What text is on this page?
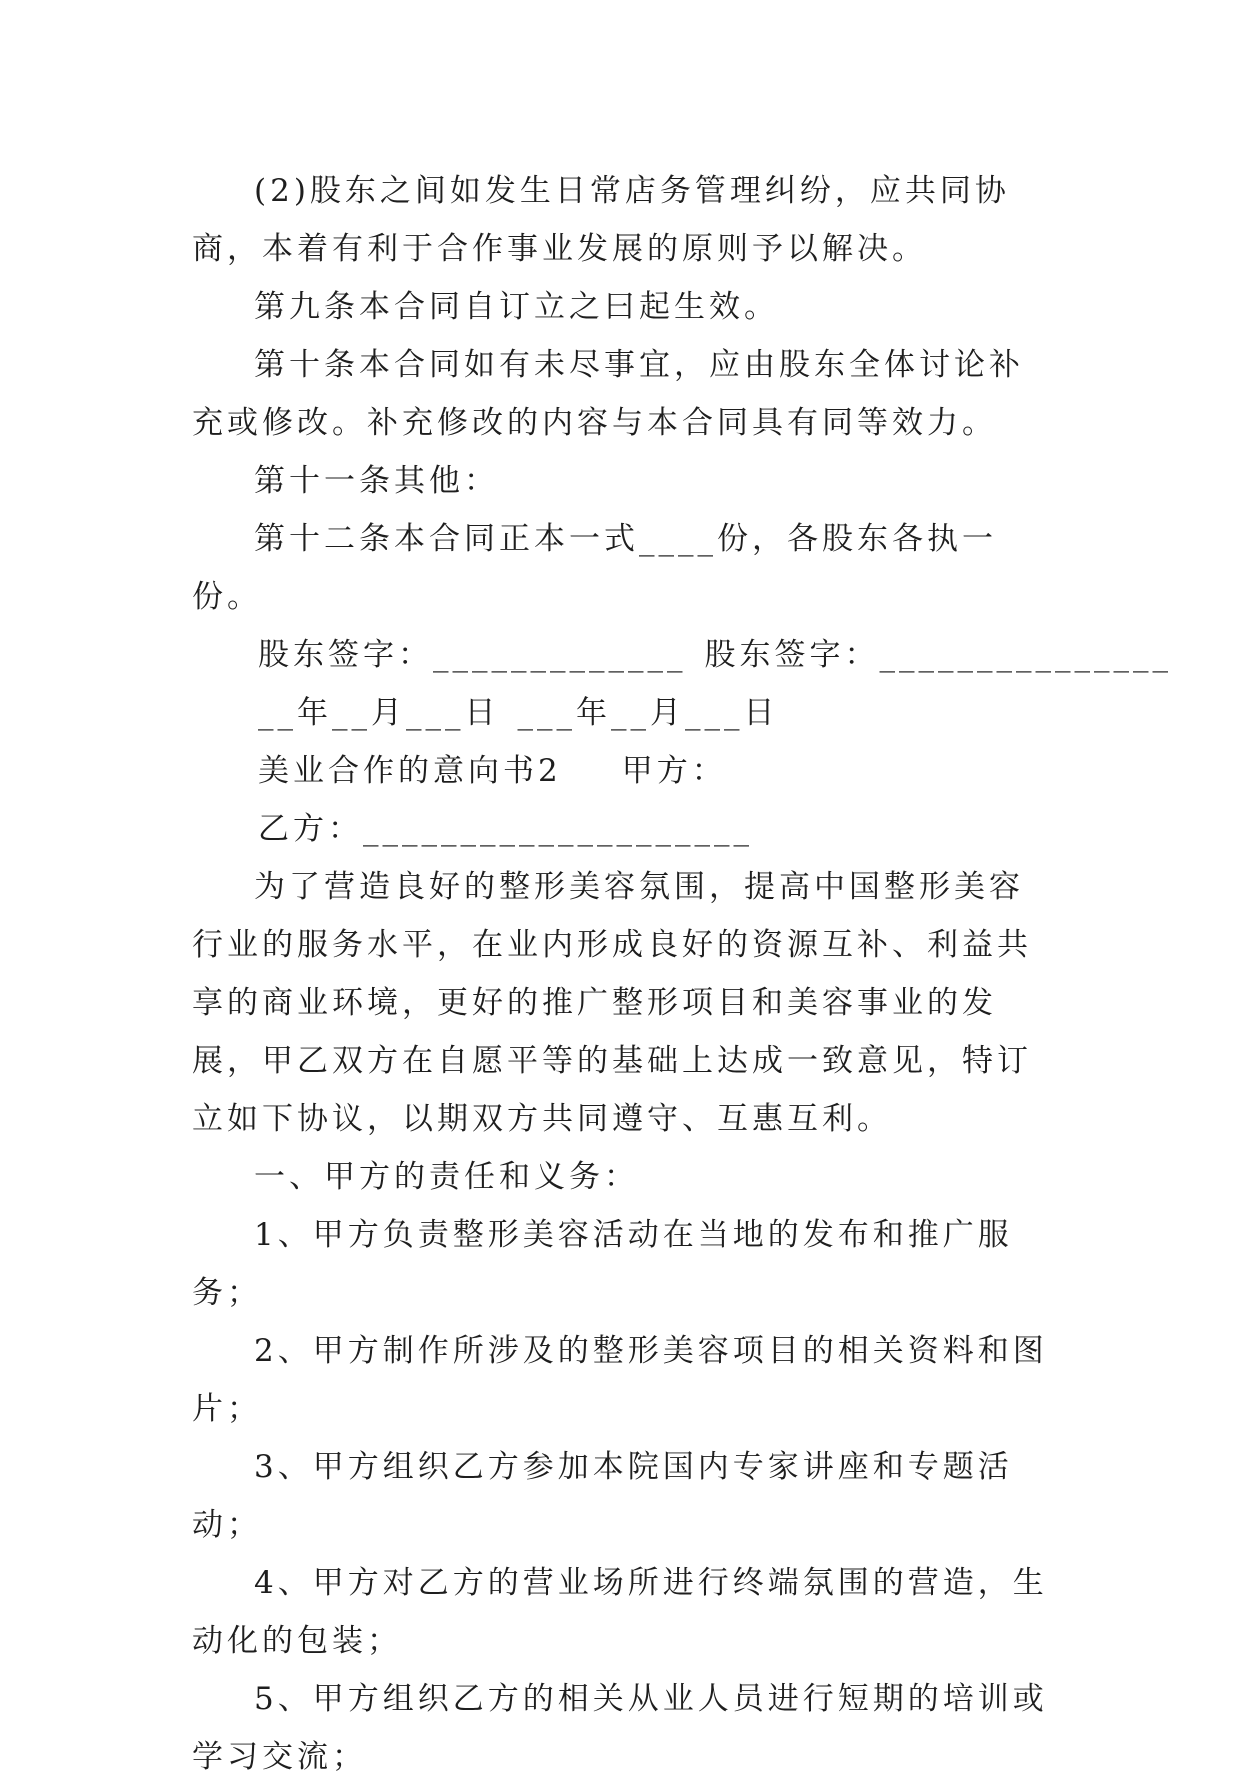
(2)股东之间如发生日常店务管理纠纷，应共同协商，本着有利于合作事业发展的原则予以解决。

第九条本合同自订立之曰起生效。

第十条本合同如有未尽事宜，应由股东全体讨论补充或修改。补充修改的内容与本合同具有同等效力。

第十一条其他：

第十二条本合同正本一式____份，各股东各执一份。

股东签字：_____________ 股东签字：_______________

__年__月___日 ___年__月___日

美业合作的意向书2 甲方：

乙方：____________________

为了营造良好的整形美容氛围，提高中国整形美容行业的服务水平，在业内形成良好的资源互补、利益共享的商业环境，更好的推广整形项目和美容事业的发展，甲乙双方在自愿平等的基础上达成一致意见，特订立如下协议，以期双方共同遵守、互惠互利。

一、甲方的责任和义务：

1、甲方负责整形美容活动在当地的发布和推广服务；

2、甲方制作所涉及的整形美容项目的相关资料和图片；

3、甲方组织乙方参加本院国内专家讲座和专题活动；

4、甲方对乙方的营业场所进行终端氛围的营造，生动化的包装；

5、甲方组织乙方的相关从业人员进行短期的培训或学习交流；
